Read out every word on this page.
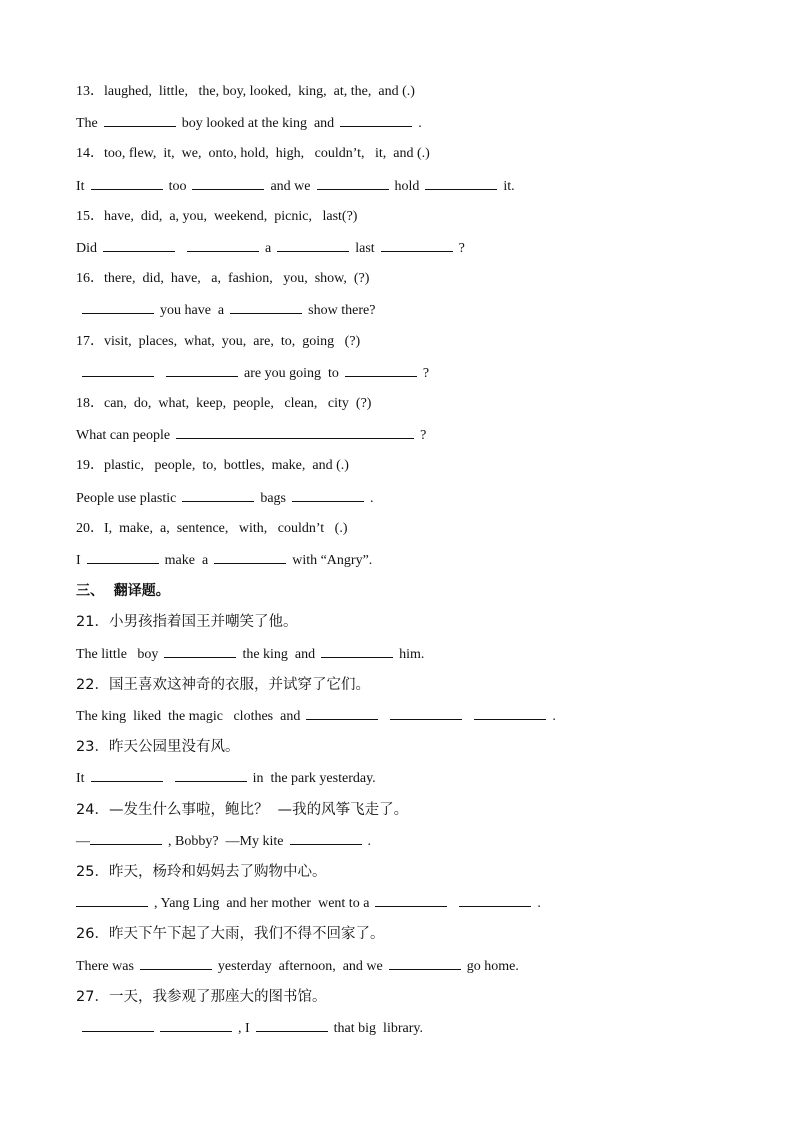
13．laughed,  little,   the, boy, looked,  king,  at, the,  and (.)
The	boy looked at the king  and	.
14．too, flew,  it,  we,  onto, hold,  high,   couldn’t,   it,  and (.)
It	too	and we	hold	it.
15．have,  did,  a, you,  weekend,  picnic,   last(?)
Did	a	last	?
16．there,  did,  have,   a,  fashion,   you,  show,  (?)
you have  a	show there?
17．visit,  places,  what,  you,  are,  to,  going   (?)
are you going  to	?
18．can,  do,  what,  keep,  people,   clean,   city  (?)
What can people	?
19．plastic,   people,  to,  bottles,  make,  and (.)
People use plastic	bags	.
20．I,  make,  a,  sentence,   with,   couldn’t   (.)
I	make  a	with “Angry”.
三、  翻译题。
21．小男孩指着国王并嘲笑了他。
The little   boy	the king  and	him.
22．国王喜欢这神奇的衣服，并试穿了它们。
The king  liked  the magic   clothes  and	.
23．昨天公园里没有风。
It	in  the park yesterday.
24．—发生什么事啦，鲍比？  —我的风筝飞走了。
—	, Bobby?  —My kite	.
25．昨天，杨玲和妈妈去了购物中心。
, Yang Ling  and her mother  went to a	.
26．昨天下午下起了大雨，我们不得不回家了。
There was	yesterday  afternoon,  and we	go home.
27．一天，我参观了那座大的图书馆。
, I	that big  library.
